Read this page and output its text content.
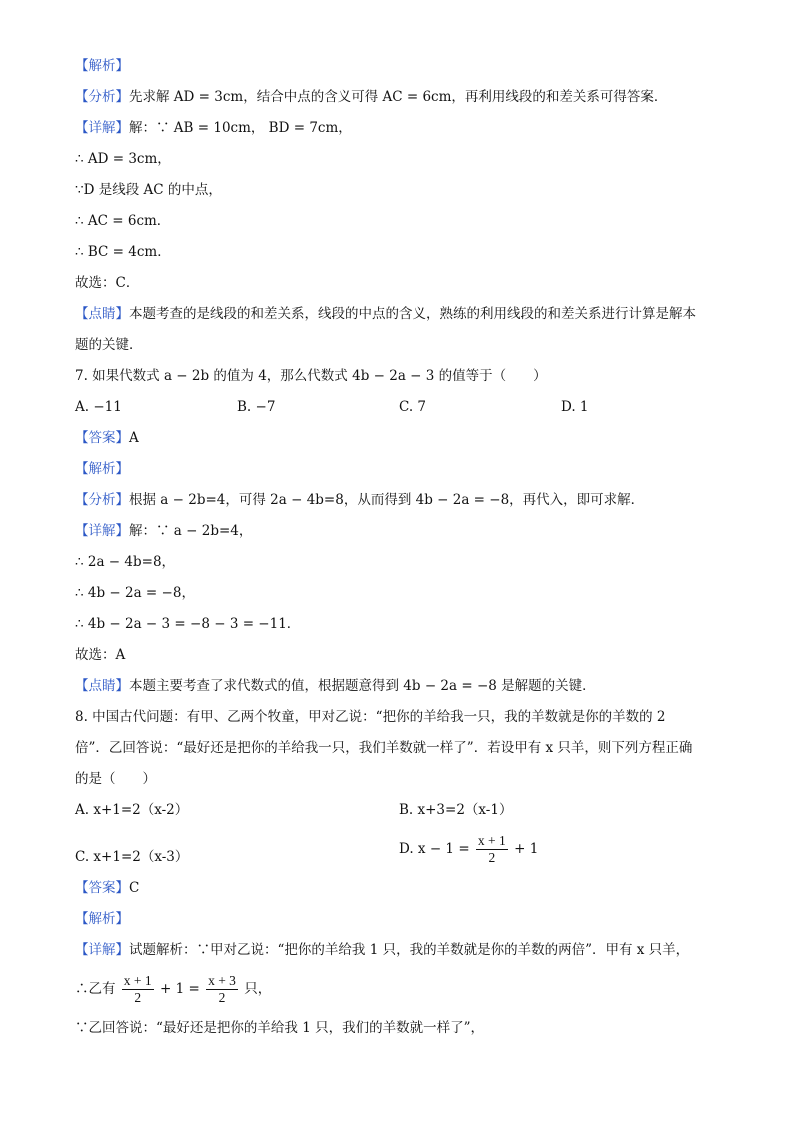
【解析】
【分析】先求解 AD = 3cm，结合中点的含义可得 AC = 6cm，再利用线段的和差关系可得答案．
【详解】解：∵ AB = 10cm， BD = 7cm，
∴ AD = 3cm，
∵D 是线段 AC 的中点，
∴ AC = 6cm．
∴ BC = 4cm．
故选：C．
【点睛】本题考查的是线段的和差关系，线段的中点的含义，熟练的利用线段的和差关系进行计算是解本
题的关键．
7. 如果代数式 a − 2b 的值为 4，那么代数式 4b − 2a − 3 的值等于（　　）
A. −11	B. −7	C. 7	D. 1
【答案】A
【解析】
【分析】根据 a − 2b=4，可得 2a − 4b=8，从而得到 4b − 2a = −8，再代入，即可求解．
【详解】解：∵ a − 2b=4，
∴ 2a − 4b=8，
∴ 4b − 2a = −8，
∴ 4b − 2a − 3 = −8 − 3 = −11．
故选：A
【点睛】本题主要考查了求代数式的值，根据题意得到 4b − 2a = −8 是解题的关键．
8. 中国古代问题：有甲、乙两个牧童，甲对乙说：“把你的羊给我一只，我的羊数就是你的羊数的 2
倍”．乙回答说：“最好还是把你的羊给我一只，我们羊数就一样了”．若设甲有 x 只羊，则下列方程正确
的是（　　）
A. x+1=2（x-2）	B. x+3=2（x-1）
C. x+1=2（x-3）	D. $x - 1 = \frac{x + 1}{2} + 1$
【答案】C
【解析】
【详解】试题解析：∵甲对乙说：“把你的羊给我 1 只，我的羊数就是你的羊数的两倍”．甲有 x 只羊，
∴乙有 $\frac{x + 1}{2} + 1 = \frac{x + 3}{2}$ 只，
∵乙回答说：“最好还是把你的羊给我 1 只，我们的羊数就一样了”，
